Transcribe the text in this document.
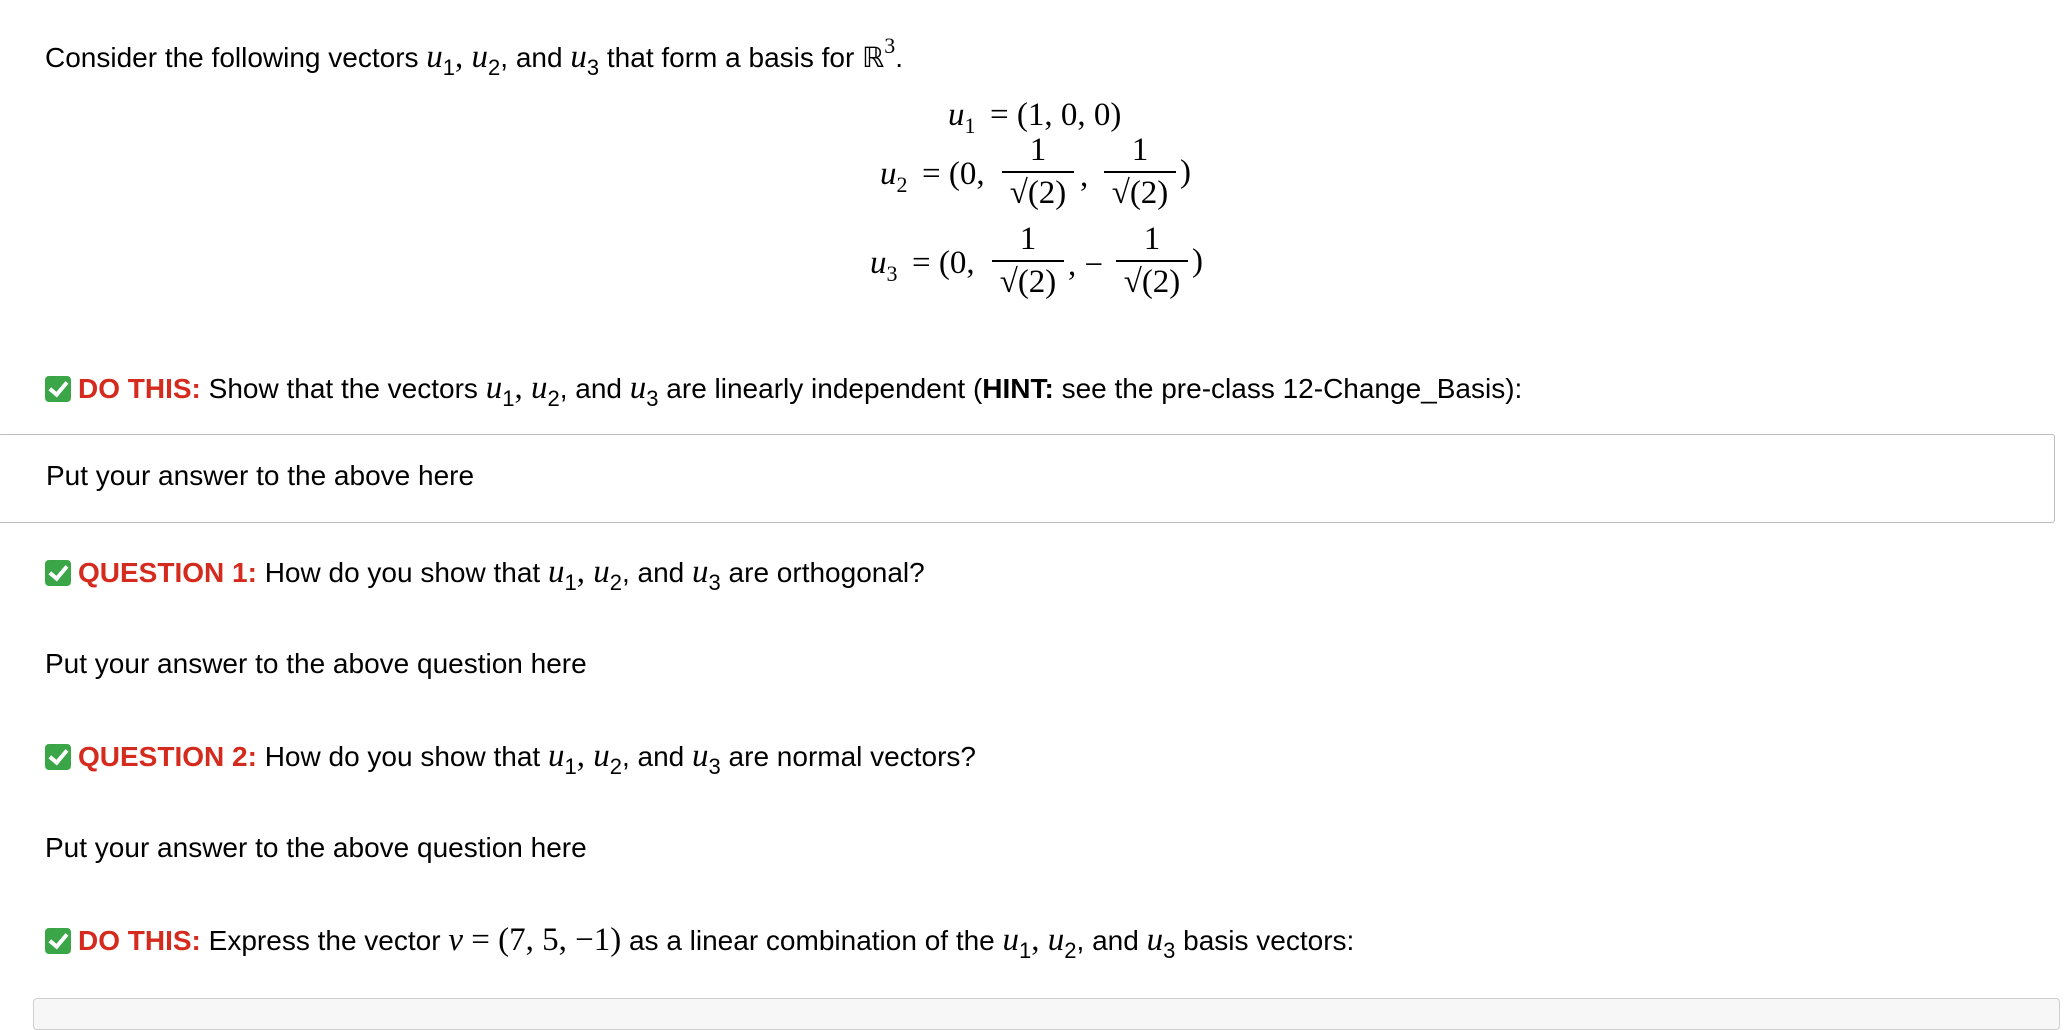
Consider the following vectors $u_1$, $u_2$, and $u_3$ that form a basis for ℝ$^3$.
$u_1 = (1$, 0, 0)
$u_2 = (0$,
1
√(2) ,
1
√(2)
)
$u_3 = (0$,
1
√(2) , −
1
√(2)
)
DO THIS: Show that the vectors $u_1$, $u_2$, and $u_3$ are linearly independent (HINT: see the pre-class 12-Change_Basis):
Put your answer to the above here
QUESTION 1: How do you show that $u_1$, $u_2$, and $u_3$ are orthogonal?
Put your answer to the above question here
QUESTION 2: How do you show that $u_1$, $u_2$, and $u_3$ are normal vectors?
Put your answer to the above question here
DO THIS: Express the vector v = (7, 5, −1) as a linear combination of the $u_1$, $u_2$, and $u_3$ basis vectors:
